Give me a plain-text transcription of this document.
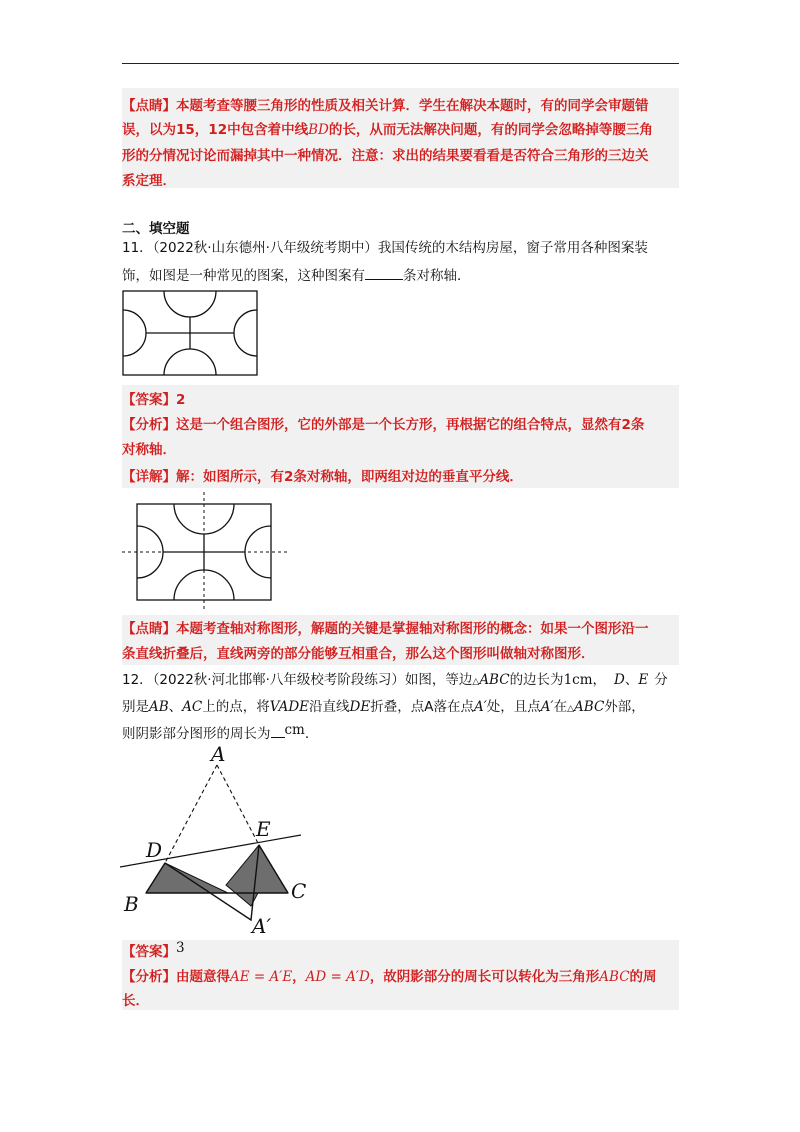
【点睛】本题考查等腰三角形的性质及相关计算．学生在解决本题时，有的同学会审题错
误，以为15，12中包含着中线BD的长，从而无法解决问题，有的同学会忽略掉等腰三角
形的分情况讨论而漏掉其中一种情况．注意：求出的结果要看看是否符合三角形的三边关
系定理．
二、填空题
11．（2022秋·山东德州·八年级统考期中）我国传统的木结构房屋，窗子常用各种图案装
饰，如图是一种常见的图案，这种图案有	条对称轴．
【答案】2
【分析】这是一个组合图形，它的外部是一个长方形，再根据它的组合特点，显然有2条
对称轴．
【详解】解：如图所示，有2条对称轴，即两组对边的垂直平分线．
【点睛】本题考查轴对称图形，解题的关键是掌握轴对称图形的概念：如果一个图形沿一
条直线折叠后，直线两旁的部分能够互相重合，那么这个图形叫做轴对称图形．
12．（2022秋·河北邯郸·八年级校考阶段练习）如图，等边△ABC的边长为1cm， D、E 分
别是AB、AC上的点，将VADE沿直线DE折叠，点A落在点A′处，且点A′在△ABC外部，
则阴影部分图形的周长为 cm．
A
E
D
B
C
A′
【答案】3
【分析】由题意得AE = A′E，AD = A′D，故阴影部分的周长可以转化为三角形ABC的周
长．
